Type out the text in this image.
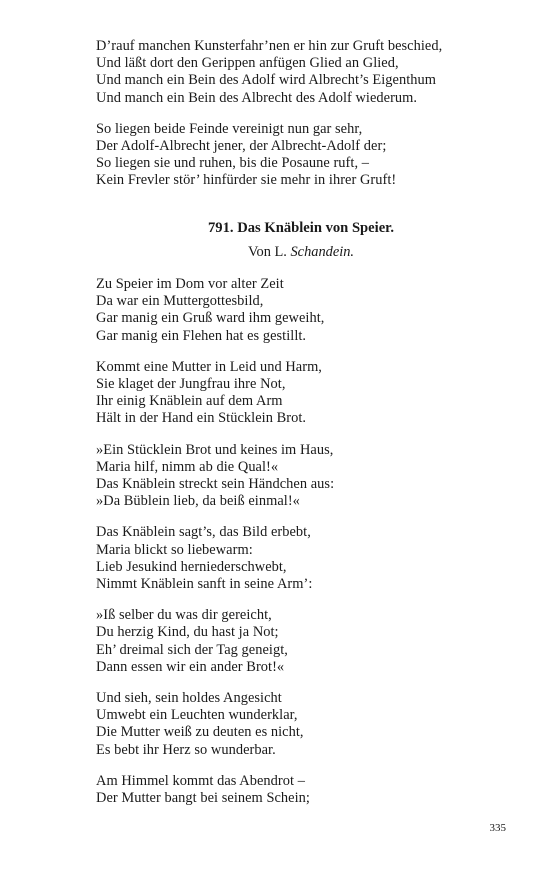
D’rauf manchen Kunsterfahr’nen er hin zur Gruft beschied,
Und läßt dort den Gerippen anfügen Glied an Glied,
Und manch ein Bein des Adolf wird Albrecht’s Eigenthum
Und manch ein Bein des Albrecht des Adolf wiederum.
So liegen beide Feinde vereinigt nun gar sehr,
Der Adolf-Albrecht jener, der Albrecht-Adolf der;
So liegen sie und ruhen, bis die Posaune ruft, –
Kein Frevler stör’ hinfürder sie mehr in ihrer Gruft!
791. Das Knäblein von Speier.
Von L. Schandein.
Zu Speier im Dom vor alter Zeit
Da war ein Muttergottesbild,
Gar manig ein Gruß ward ihm geweiht,
Gar manig ein Flehen hat es gestillt.
Kommt eine Mutter in Leid und Harm,
Sie klaget der Jungfrau ihre Not,
Ihr einig Knäblein auf dem Arm
Hält in der Hand ein Stücklein Brot.
»Ein Stücklein Brot und keines im Haus,
Maria hilf, nimm ab die Qual!«
Das Knäblein streckt sein Händchen aus:
»Da Büblein lieb, da beiß einmal!«
Das Knäblein sagt’s, das Bild erbebt,
Maria blickt so liebewarm:
Lieb Jesukind herniederschwebt,
Nimmt Knäblein sanft in seine Arm’:
»Iß selber du was dir gereicht,
Du herzig Kind, du hast ja Not;
Eh’ dreimal sich der Tag geneigt,
Dann essen wir ein ander Brot!«
Und sieh, sein holdes Angesicht
Umwebt ein Leuchten wunderklar,
Die Mutter weiß zu deuten es nicht,
Es bebt ihr Herz so wunderbar.
Am Himmel kommt das Abendrot –
Der Mutter bangt bei seinem Schein;
335
